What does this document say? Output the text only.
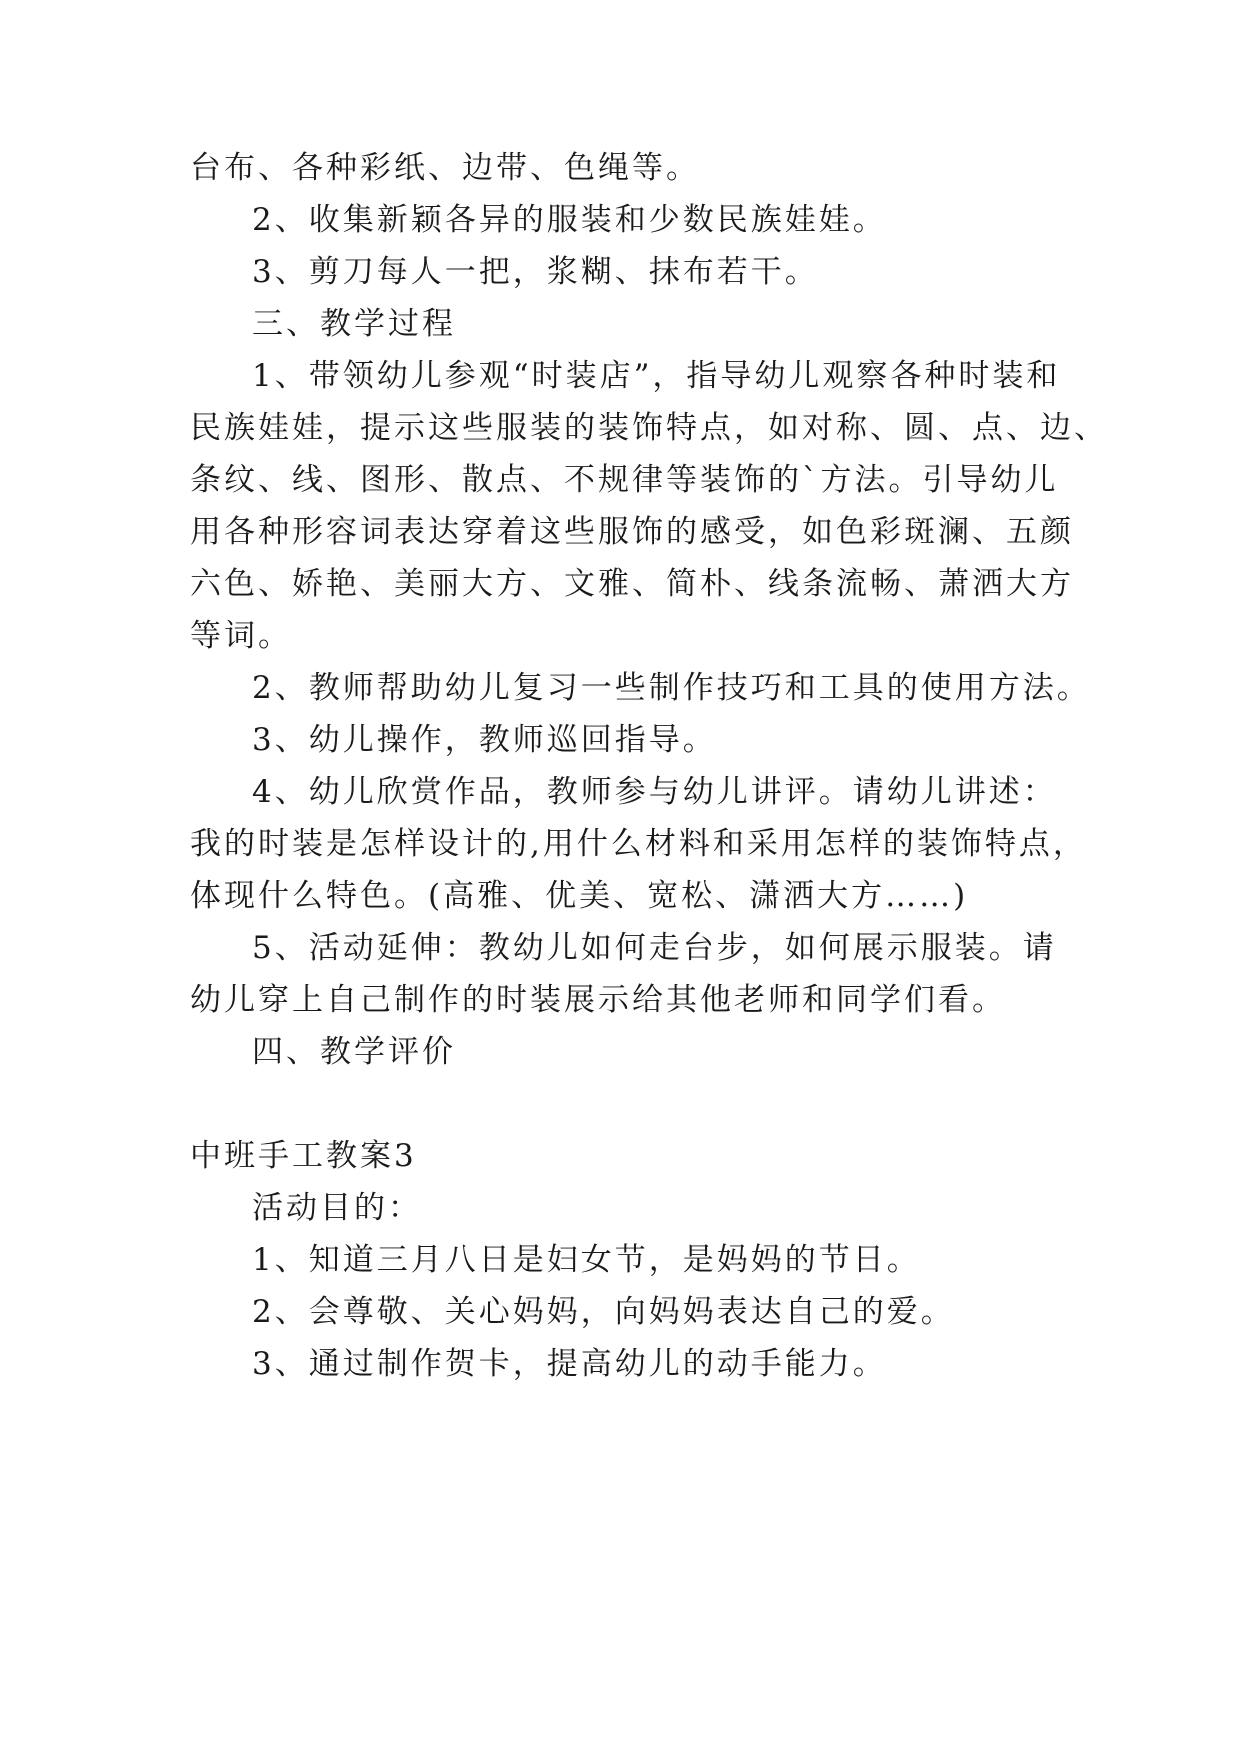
台布、各种彩纸、边带、色绳等。
2、收集新颖各异的服装和少数民族娃娃。
3、剪刀每人一把，浆糊、抹布若干。
三、教学过程
1、带领幼儿参观“时装店”，指导幼儿观察各种时装和
民族娃娃，提示这些服装的装饰特点，如对称、圆、点、边、
条纹、线、图形、散点、不规律等装饰的`方法。引导幼儿
用各种形容词表达穿着这些服饰的感受，如色彩斑澜、五颜
六色、娇艳、美丽大方、文雅、简朴、线条流畅、萧洒大方
等词。
2、教师帮助幼儿复习一些制作技巧和工具的使用方法。
3、幼儿操作，教师巡回指导。
4、幼儿欣赏作品，教师参与幼儿讲评。请幼儿讲述：
我的时装是怎样设计的,用什么材料和采用怎样的装饰特点，
体现什么特色。(高雅、优美、宽松、潇洒大方……)
5、活动延伸：教幼儿如何走台步，如何展示服装。请
幼儿穿上自己制作的时装展示给其他老师和同学们看。
四、教学评价
中班手工教案3
活动目的：
1、知道三月八日是妇女节，是妈妈的节日。
2、会尊敬、关心妈妈，向妈妈表达自己的爱。
3、通过制作贺卡，提高幼儿的动手能力。
